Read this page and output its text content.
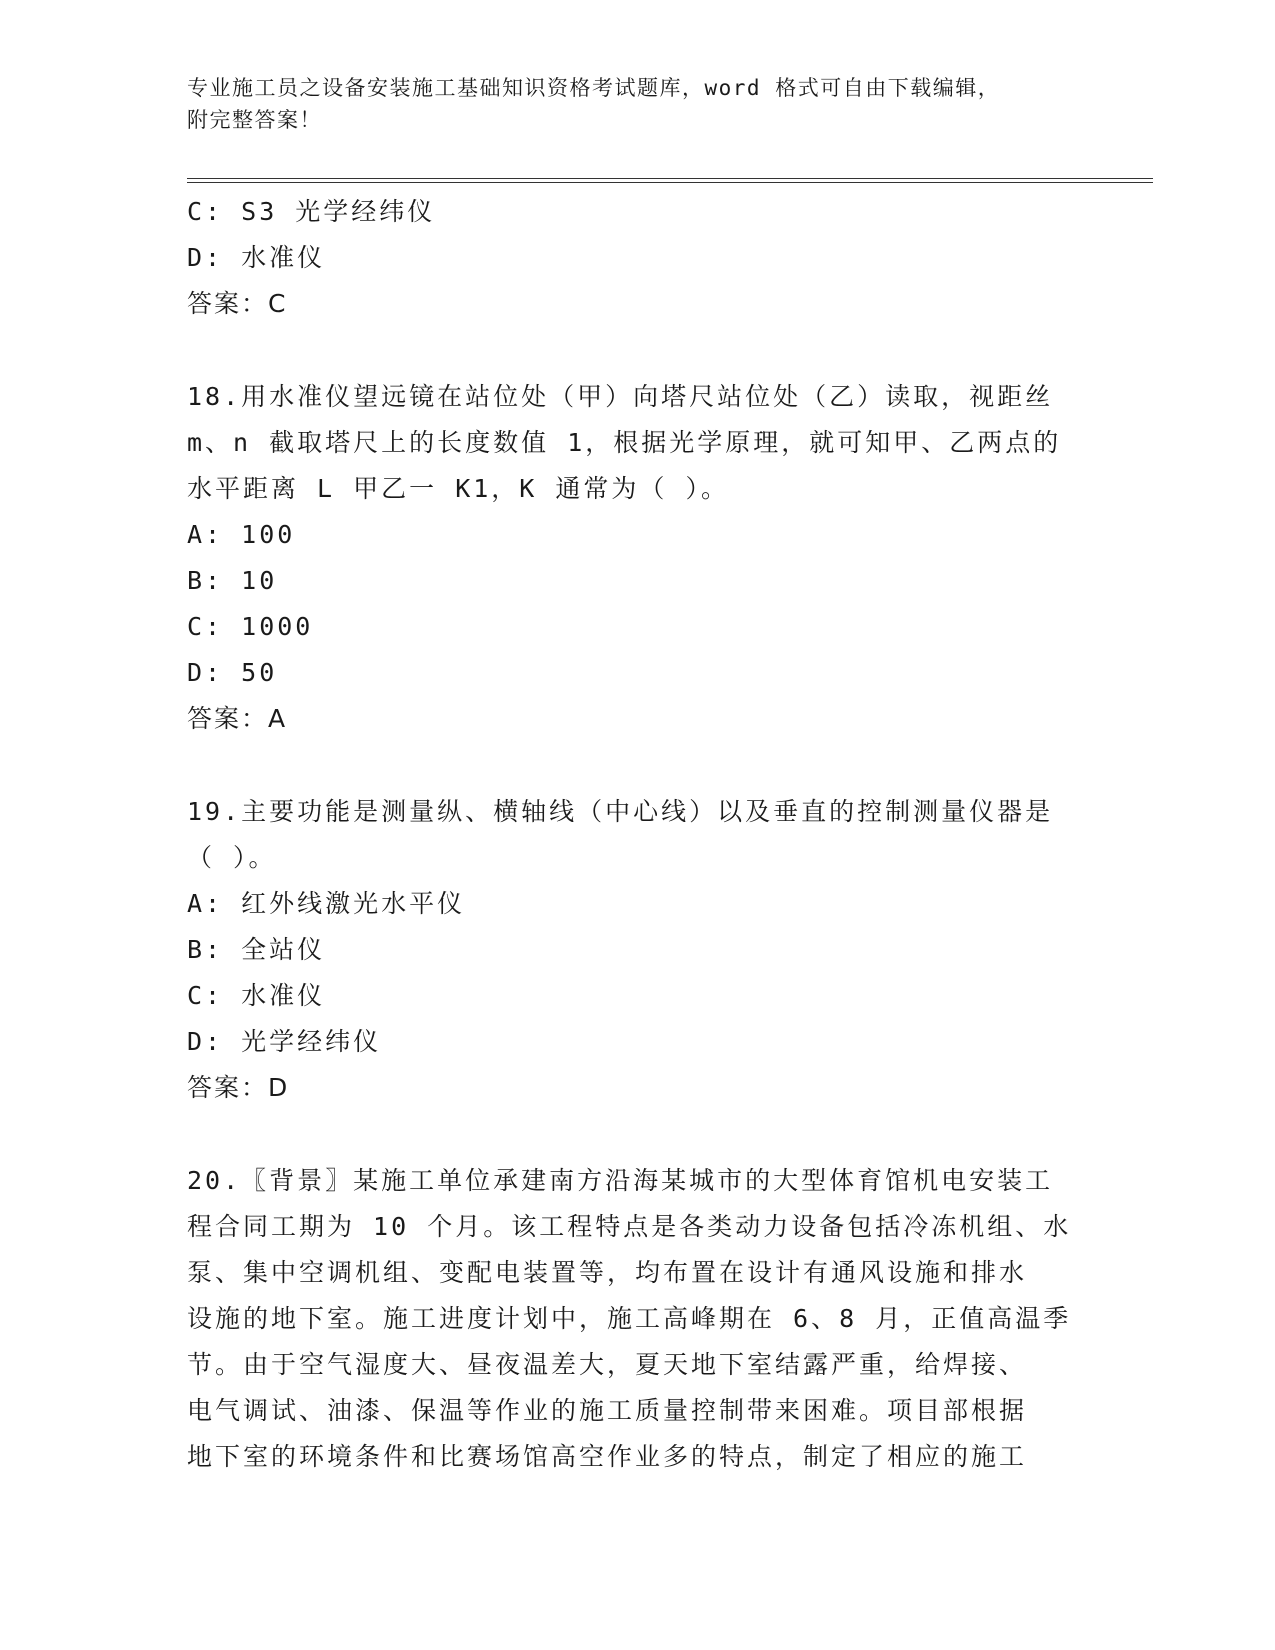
专业施工员之设备安装施工基础知识资格考试题库，word 格式可自由下载编辑，
附完整答案！
C: S3 光学经纬仪
D: 水准仪
答案：C
18.用水准仪望远镜在站位处（甲）向塔尺站位处（乙）读取，视距丝
m、n 截取塔尺上的长度数值 1，根据光学原理，就可知甲、乙两点的
水平距离 L 甲乙一 K1，K 通常为（ ）。
A: 100
B: 10
C: 1000
D: 50
答案：A
19.主要功能是测量纵、横轴线（中心线）以及垂直的控制测量仪器是
（ ）。
A: 红外线激光水平仪
B: 全站仪
C: 水准仪
D: 光学经纬仪
答案：D
20.〖背景〗某施工单位承建南方沿海某城市的大型体育馆机电安装工
程合同工期为 10 个月。该工程特点是各类动力设备包括冷冻机组、水
泵、集中空调机组、变配电装置等，均布置在设计有通风设施和排水
设施的地下室。施工进度计划中，施工高峰期在 6、8 月，正值高温季
节。由于空气湿度大、昼夜温差大，夏天地下室结露严重，给焊接、
电气调试、油漆、保温等作业的施工质量控制带来困难。项目部根据
地下室的环境条件和比赛场馆高空作业多的特点，制定了相应的施工
